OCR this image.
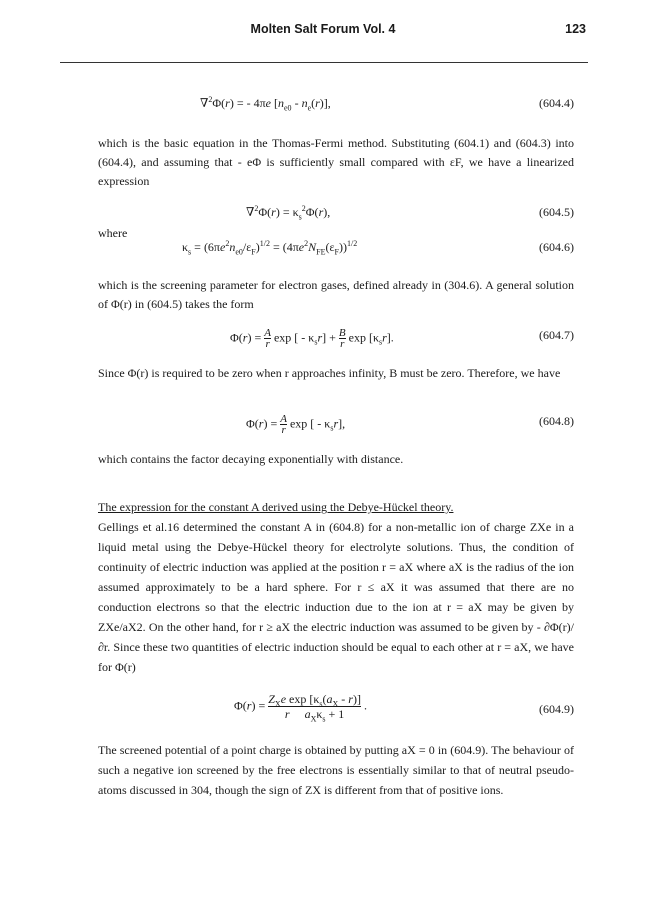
Molten Salt Forum Vol. 4	123
∇$^2$Φ(r) = - 4πe $[n_{e0} - n_e(r)]$,	(604.4)
which is the basic equation in the Thomas-Fermi method. Substituting (604.1) and (604.3) into (604.4), and assuming that - eΦ is sufficiently small compared with εF, we have a linearized expression
$\nabla^2\Phi(r) = \kappa_s^2\Phi(r)$,	(604.5)
where
$\kappa_s = (6\pi e^2n_{e0}/\varepsilon_F)^{1/2} = (4\pi e^2N_{FE}(\varepsilon_F))^{1/2}$	(604.6)
which is the screening parameter for electron gases, defined already in (304.6). A general solution of Φ(r) in (604.5) takes the form
$\Phi(r) = \frac{A}{r}$ exp [ - $\kappa_sr] + \frac{B}{r}$ $\exp [\kappa_sr]$.	(604.7)
Since Φ(r) is required to be zero when r approaches infinity, B must be zero. Therefore, we have
$\Phi(r) = \frac{A}{r}$ exp [ - $\kappa_sr$],	(604.8)
which contains the factor decaying exponentially with distance.
The expression for the constant A derived using the Debye-Hückel theory.
Gellings et al.16 determined the constant A in (604.8) for a non-metallic ion of charge ZXe in a liquid metal using the Debye-Hückel theory for electrolyte solutions. Thus, the condition of continuity of electric induction was applied at the position r = aX where aX is the radius of the ion assumed approximately to be a hard sphere. For r ≤ aX it was assumed that there are no conduction electrons so that the electric induction due to the ion at r = aX may be given by ZXe/aX2. On the other hand, for r ≥ aX the electric induction was assumed to be given by - ∂Φ(r)/∂r. Since these two quantities of electric induction should be equal to each other at r = aX, we have for Φ(r)
$\Phi(r) = Z_Xe$ $\exp [\kappa_s(a_X - r)]$
r $a_X\kappa_s + 1$
.	(604.9)
The screened potential of a point charge is obtained by putting aX = 0 in (604.9). The behaviour of such a negative ion screened by the free electrons is essentially similar to that of neutral pseudo-atoms discussed in 304, though the sign of ZX is different from that of positive ions.
